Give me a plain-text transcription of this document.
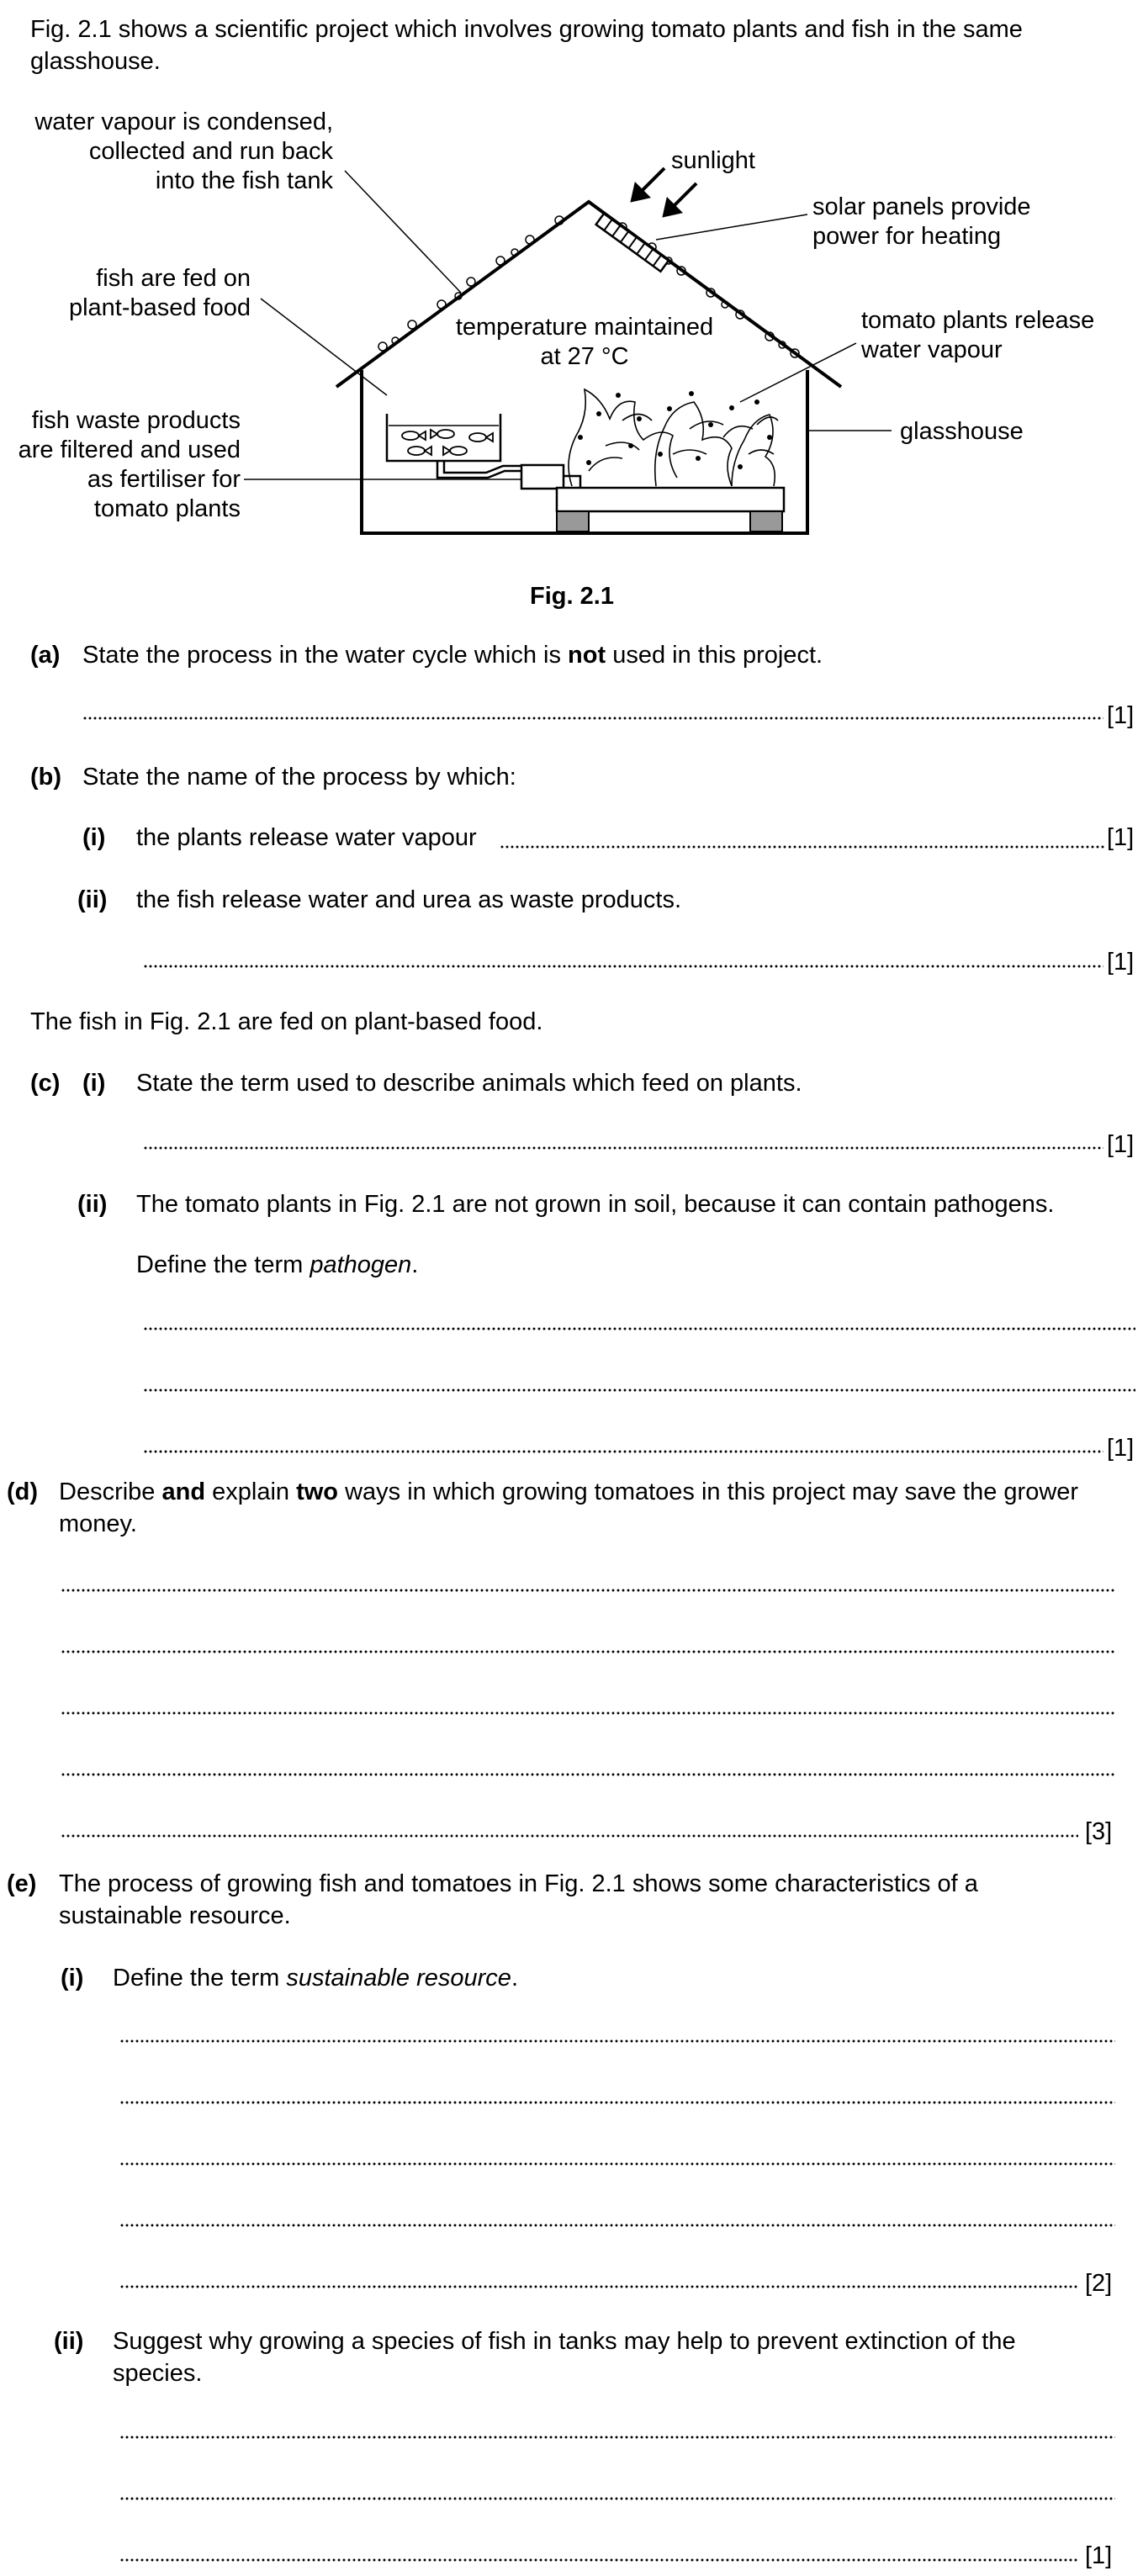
Fig. 2.1 shows a scientific project which involves growing tomato plants and fish in the same glasshouse.
water vapour is condensed,
collected and run back
into the fish tank
sunlight
solar panels provide
power for heating
fish are fed on
plant-based food
temperature maintained
at 27 °C
tomato plants release
water vapour
glasshouse
fish waste products
are filtered and used
as fertiliser for
tomato plants
Fig. 2.1
(a) State the process in the water cycle which is not used in this project.
[1]
(b) State the name of the process by which:
(i) the plants release water vapour	[1]
(ii) the fish release water and urea as waste products.
[1]
The fish in Fig. 2.1 are fed on plant-based food.
(c) (i) State the term used to describe animals which feed on plants.
[1]
(ii) The tomato plants in Fig. 2.1 are not grown in soil, because it can contain pathogens.
Define the term pathogen.
[1]
(d) Describe and explain two ways in which growing tomatoes in this project may save the grower
money.
[3]
(e) The process of growing fish and tomatoes in Fig. 2.1 shows some characteristics of a
sustainable resource.
(i) Define the term sustainable resource.
[2]
(ii) Suggest why growing a species of fish in tanks may help to prevent extinction of the
species.
[1]
